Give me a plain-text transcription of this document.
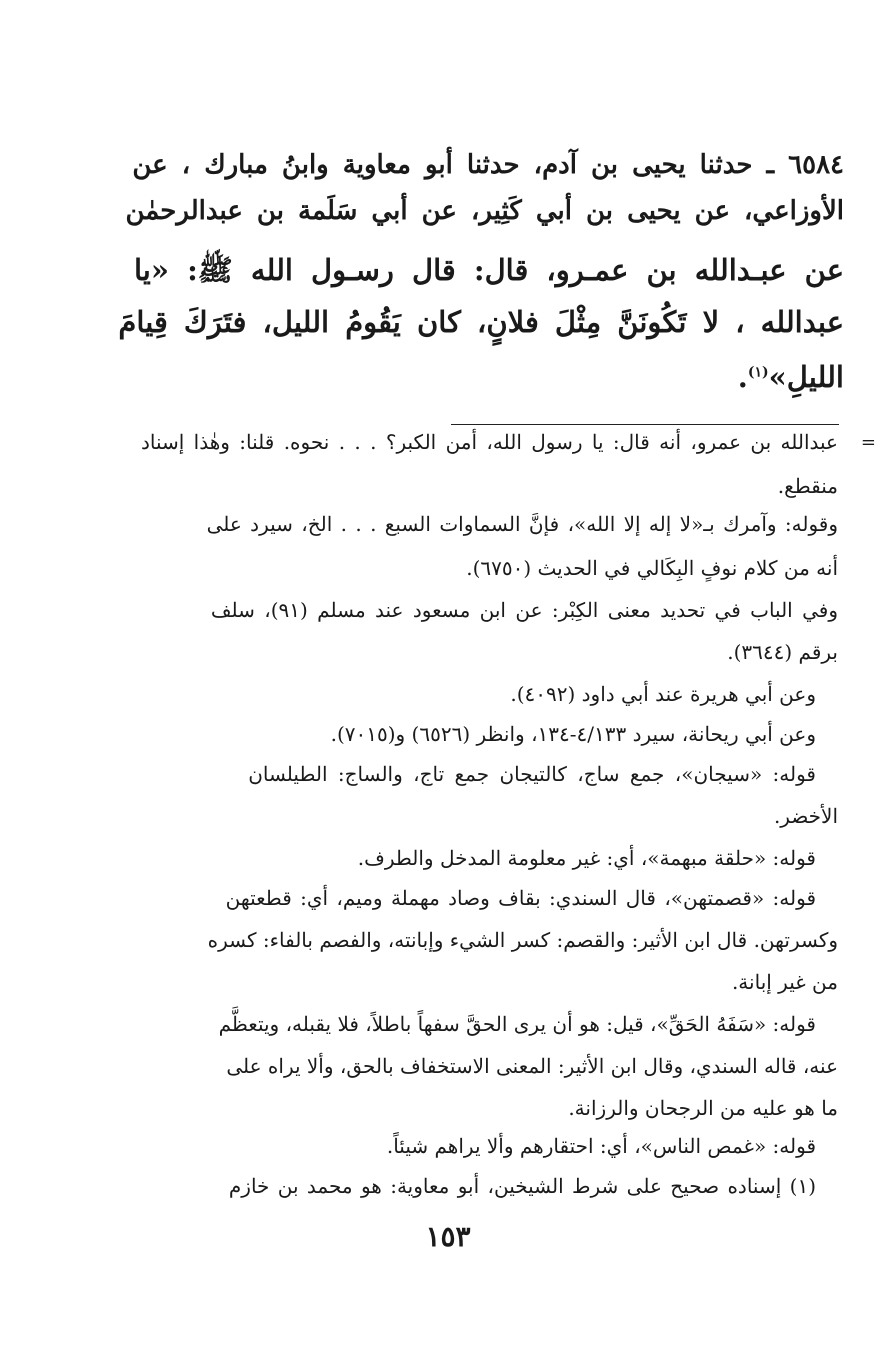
٦٥٨٤ ـ حدثنا يحيى بن آدم، حدثنا أبو معاوية وابنُ مبارك ، عن
الأوزاعي، عن يحيى بن أبي كَثِير، عن أبي سَلَمة بن عبدالرحمٰن
عن عبـدالله بن عمـرو، قال: قال رسـول الله ﷺ: «يا
عبدالله ، لا تَكُونَنَّ مِثْلَ فلانٍ، كان يَقُومُ الليل، فتَرَكَ قِيامَ
الليلِ»$^{(١)}$.
=
عبدالله بن عمرو، أنه قال: يا رسول الله، أمن الكبر؟ . . . نحوه. قلنا: وهٰذا إسناد
منقطع.
وقوله: وآمرك بـ«لا إله إلا الله»، فإنَّ السماوات السبع . . . الخ، سيرد على
أنه من كلام نوفٍ البِكَالي في الحديث (٦٧٥٠).
وفي الباب في تحديد معنى الكِبْر: عن ابن مسعود عند مسلم (٩١)، سلف
برقم (٣٦٤٤).
وعن أبي هريرة عند أبي داود (٤٠٩٢).
وعن أبي ريحانة، سيرد ٤/١٣٣-١٣٤، وانظر (٦٥٢٦) و(٧٠١٥).
قوله: «سيجان»، جمع ساج، كالتيجان جمع تاج، والساج: الطيلسان
الأخضر.
قوله: «حلقة مبهمة»، أي: غير معلومة المدخل والطرف.
قوله: «قصمتهن»، قال السندي: بقاف وصاد مهملة وميم، أي: قطعتهن
وكسرتهن. قال ابن الأثير: والقصم: كسر الشيء وإبانته، والفصم بالفاء: كسره
من غير إبانة.
قوله: «سَفَهُ الحَقِّ»، قيل: هو أن يرى الحقَّ سفهاً باطلاً، فلا يقبله، ويتعظَّم
عنه، قاله السندي، وقال ابن الأثير: المعنى الاستخفاف بالحق، وألا يراه على
ما هو عليه من الرجحان والرزانة.
قوله: «غمص الناس»، أي: احتقارهم وألا يراهم شيئاً.
(١) إسناده صحيح على شرط الشيخين، أبو معاوية: هو محمد بن خازم
١٥٣
